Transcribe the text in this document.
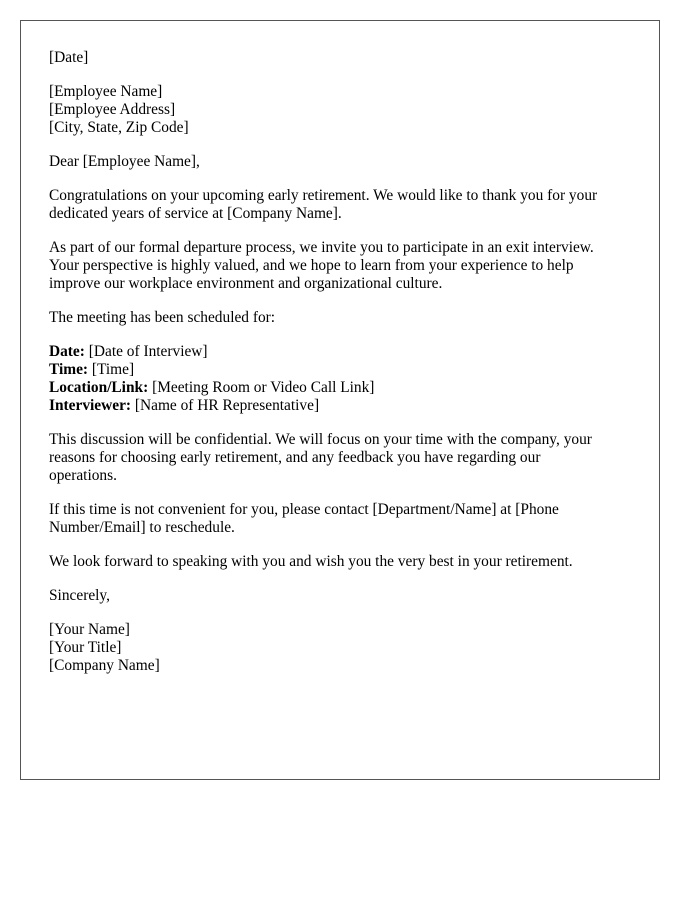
[Date]
[Employee Name]
[Employee Address]
[City, State, Zip Code]
Dear [Employee Name],
Congratulations on your upcoming early retirement. We would like to thank you for your
dedicated years of service at [Company Name].
As part of our formal departure process, we invite you to participate in an exit interview.
Your perspective is highly valued, and we hope to learn from your experience to help
improve our workplace environment and organizational culture.
The meeting has been scheduled for:
Date: [Date of Interview]
Time: [Time]
Location/Link: [Meeting Room or Video Call Link]
Interviewer: [Name of HR Representative]
This discussion will be confidential. We will focus on your time with the company, your
reasons for choosing early retirement, and any feedback you have regarding our
operations.
If this time is not convenient for you, please contact [Department/Name] at [Phone
Number/Email] to reschedule.
We look forward to speaking with you and wish you the very best in your retirement.
Sincerely,
[Your Name]
[Your Title]
[Company Name]
